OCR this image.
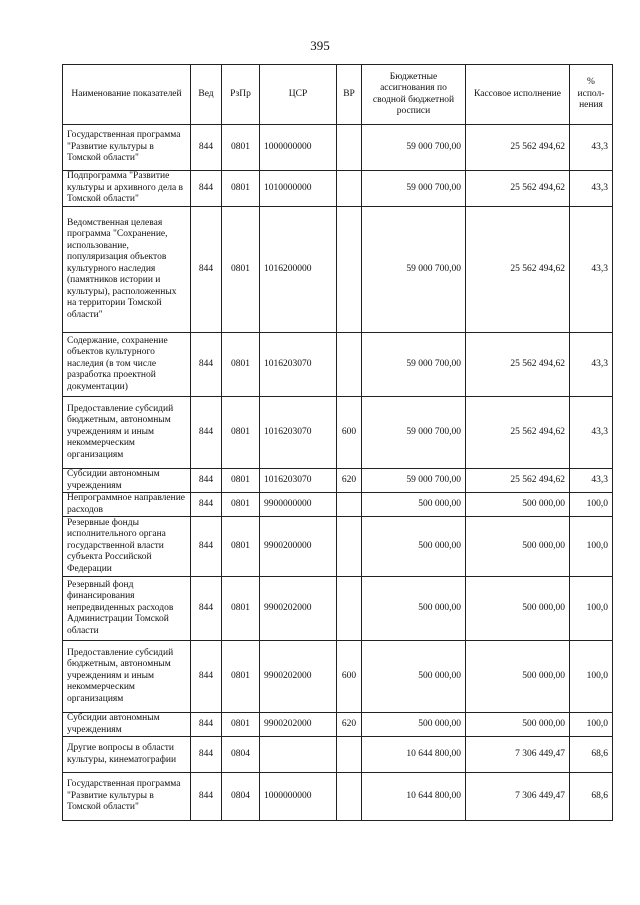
395
Наименование показателей	Вед	РзПр	ЦСР	ВР	Бюджетные ассигнования по сводной бюджетной росписи	Кассовое исполнение	% испол-нения
Государственная программа "Развитие культуры в Томской области"	844	0801	1000000000		59 000 700,00	25 562 494,62	43,3
Подпрограмма "Развитие культуры и архивного дела в Томской области"	844	0801	1010000000		59 000 700,00	25 562 494,62	43,3
Ведомственная целевая программа "Сохранение, использование, популяризация объектов культурного наследия (памятников истории и культуры), расположенных на территории Томской области"	844	0801	1016200000		59 000 700,00	25 562 494,62	43,3
Содержание, сохранение объектов культурного наследия (в том числе разработка проектной документации)	844	0801	1016203070		59 000 700,00	25 562 494,62	43,3
Предоставление субсидий бюджетным, автономным учреждениям и иным некоммерческим организациям	844	0801	1016203070	600	59 000 700,00	25 562 494,62	43,3
Субсидии автономным учреждениям	844	0801	1016203070	620	59 000 700,00	25 562 494,62	43,3
Непрограммное направление расходов	844	0801	9900000000		500 000,00	500 000,00	100,0
Резервные фонды исполнительного органа государственной власти субъекта Российской Федерации	844	0801	9900200000		500 000,00	500 000,00	100,0
Резервный фонд финансирования непредвиденных расходов Администрации Томской области	844	0801	9900202000		500 000,00	500 000,00	100,0
Предоставление субсидий бюджетным, автономным учреждениям и иным некоммерческим организациям	844	0801	9900202000	600	500 000,00	500 000,00	100,0
Субсидии автономным учреждениям	844	0801	9900202000	620	500 000,00	500 000,00	100,0
Другие вопросы в области культуры, кинематографии	844	0804			10 644 800,00	7 306 449,47	68,6
Государственная программа "Развитие культуры в Томской области"	844	0804	1000000000		10 644 800,00	7 306 449,47	68,6
